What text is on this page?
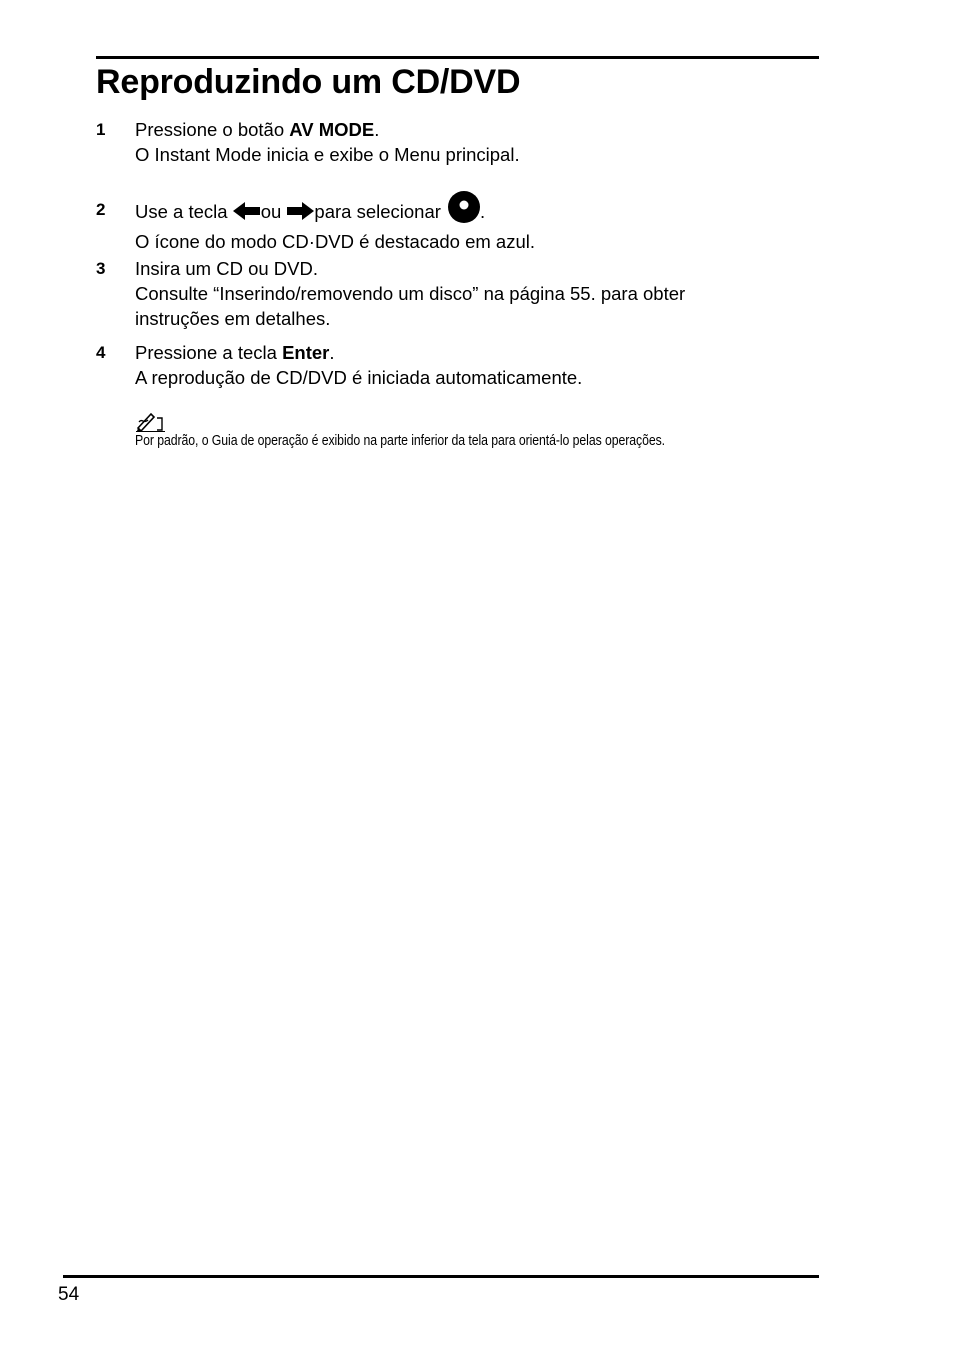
Reproduzindo um CD/DVD
1 Pressione o botão AV MODE.
O Instant Mode inicia e exibe o Menu principal.
2 Use a tecla ou para selecionar .
O ícone do modo CD·DVD é destacado em azul.
3 Insira um CD ou DVD.
Consulte “Inserindo/removendo um disco” na página 55. para obter
instruções em detalhes.
4 Pressione a tecla Enter.
A reprodução de CD/DVD é iniciada automaticamente.
Por padrão, o Guia de operação é exibido na parte inferior da tela para orientá-lo pelas operações.
54
